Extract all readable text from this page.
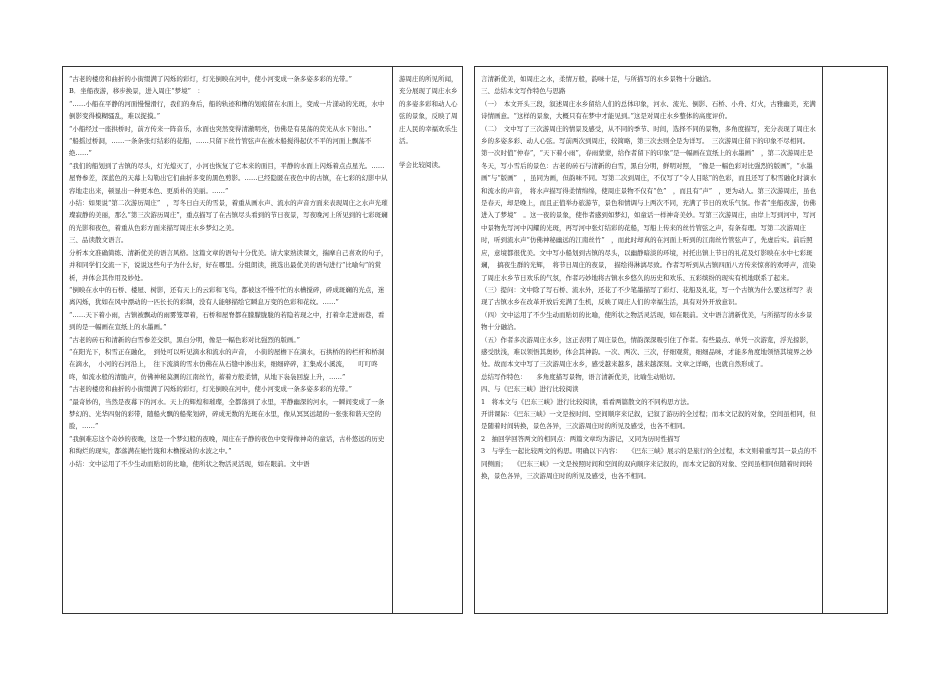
“古老的楼房和曲折的小街缀满了闪烁的彩灯，灯光倒映在河中，使小河变成一条多姿多彩的光带。”

B．坐船夜游，移步换景，进入周庄“梦境”　：

“……小船在平静的河面慢慢滑行，我们的身后，船的轨迹和橹的划痕留在水面上，变成一片漾动的光斑，水中倒影变得模糊骚乱，难以捉摸。”

“小船经过一座拱桥时，前方传来一阵音乐，水面也突然变得清澈明亮，仿佛是有晃荡的荧光从水下射出。”

“船摇过桥洞，……一条条张灯结彩的花船，……只留下丝竹管弦声在被木船搅得起伏不平的河面上飘荡不绝……”

“我们的船划到了古镇的尽头，灯光熄灭了，小河也恢复了它本来的面目，平静的水面上闪烁着点点星光。……屋脊参差，深蓝色的天幕上勾勒出它们曲折多变的黑色剪影。……已经隐匿在夜色中的古镇，在七彩的幻影中从容地走出来，顿显出一种更本色、更质朴的美丽。……”

小结：如果说“第二次游历周庄”　，写冬日白天的雪景，着重从画水声、流水的声音方面来表现周庄之水声光璀璨寂静的美丽，那么“第三次游历周庄”，重点描写了在古镇尽头看到的节日夜景，写夜晚河上所见到的七彩斑斓的光影和夜色，着重从色彩方面来描写周庄水乡梦幻之美。

三、品读散文语言。

分析本文准确简练、清新优美的语言风格。这篇文章的语句十分优美。请大家熟读课文，揣摩自己喜欢的句子，并和同学们交流一下，说说这些句子为什么好，好在哪里。分组朗读，挑选出最优美的语句进行“比喻句”的赏析，并体会其作用及妙处。

“倒映在水中的石桥、楼屋、树影，还有天上的云彩和飞鸟，都被这不慢不忙的水槽搅碎，碎成斑斓的光点，迷离闪烁，犹如在风中漂动的一匹长长的彩绸，没有人能够描绘它瞬息万变的色彩和花纹。……”

“……天下着小雨，古镇被飘动的雨雾笼罩着，石桥和屋脊都在朦朦胧胧的若隐若现之中，打着伞走进雨巷，看到的是一幅画在宣纸上的水墨画。”

“古老的砖石和清新的白雪参差交织，黑白分明，像是一幅色彩对比强烈的版画。”

“在阳光下，积雪正在融化，　到处可以听见滴水和流水的声音，　小街的屋檐下在滴水，石拱桥的的栏杆和桥洞在滴水，　小河的石河沿上，　往下流淌的雪水仿佛在从石缝中渗出来，细细碎碎，汇集成小溪流，　　叮叮咚咚，如流水般的清脆声，仿佛神秘莫测的江南丝竹，蓄着方般柔情，从地下袅袅回旋上升，……”

“古老的楼房和曲折的小街缀满了闪烁的彩灯，灯光倒映在河中，使小河变成一条多姿多彩的光带。”

“最奇妙的，当然是夜幕下的河水。天上的辉煌和璀璨，全都落到了水里，平静幽深的河水，一瞬间变成了一条梦幻的、光华四射的彩带，随船火飘的船桨划碎，碎成无数的光斑在水里，像从冥冥远超的一张张和谐天空的脸，……”

“我倒难忘这个奇妙的夜晚，这是一个梦幻般的夜晚，周庄在子静的夜色中变得像神奇的童话，古朴悠远的历史和绚烂的现实，都落满在她竹篾和木橹搅动的水波之中。”

小结：文中运用了不少生动而贴切的比喻，使所状之物活灵活现，如在眼前。文中语

游周庄的所见所闻，充分展现了周庄水乡的多姿多彩和动人心弦的景象，反映了周庄人民的幸福欢乐生活。

学会比较阅读。

言清新优美，如周庄之水，柔情万般，韵味十足，与所描写的水乡景物十分融洽。

三、总结本文写作特色与思路

（一）　本文开头三段，叙述周庄水乡留给人们的总体印象，河水、流光、倒影、石桥、小舟、灯火，古雅幽美，充满诗情画意。“这样的景象，大概只有在梦中才能见到。”这是对周庄水乡整体的高度评价。

（二）　文中写了三次游周庄的情景及感受，从不同的季节、时间，选择不同的景物，多角度描写，充分表现了周庄水乡的多姿多彩、动人心弦。写前两次到周庄，较简略，第三次去则全是为详写。　三次游周庄留下的印象不尽相同。　第一次时值“仲春”，“天下着小雨”，春雨蒙蒙，给作者留下的印象“是一幅画在宣纸上的水墨画”　，第二次游周庄是冬天，写小雪后的景色：古老的砖石与清新的白雪，黑白分明，鲜明对照，　“像是一幅色彩对比强烈的版画”，“水墨画”与“版画”　，虽同为画，但韵味不同。写第二次到周庄，不仅写了“令人目眩”的色彩，而且还写了积雪融化时滴水和流水的声音，　将水声描写得柔情绵绵，使周庄景物不仅有“色”　，而且有“声”　，更为动人。第三次游周庄，虽也是春天，却是晚上，而且正值举办旅游节，景色和情调与上两次不同，充满了节日的欢乐气氛。作者“坐船夜游，仿佛进入了梦境”　。这一夜的景象，使作者感到如梦幻，如童话一样神奇美妙。写第三次游周庄，由岸上写到河中，写河中景物先写河中闪耀的光斑，再写河中张灯结彩的花船，写船上传来的丝竹管弦之声，有条有理。写第二次游周庄时，听到流水声“仿佛神秘幽远的江南丝竹”　，而此时却真的在河面上听到的江南丝竹管弦声了，先虚后实。前后照应，意境都很优美。文中写小船划到古镇的尽头，以幽静暗淡的环境，衬托出镇上节日的礼花及灯影映在水中七彩斑斓，　搞夜生群的光辉，　将节日周庄的夜景，　描绘得淋漓尽致。作者写听到从古镇四面八方传来惊喜的欢呼声，渲染了周庄水乡节日欢乐的气氛，作者巧妙地将古镇水乡悠久的历史和欢乐、五彩缤纷的现实有机地联系了起来。

（三）提问：文中除了写石桥、流水外，还花了不少笔墨描写了彩灯、花船及礼花，写一个古镇为什么要这样写？表现了古镇水乡在改革开放后充满了生机，反映了周庄人们的幸福生活，具有对外开放意识。

（四）文中运用了不少生动而贴切的比喻，使所状之物活灵活现，如在眼前。文中语言清新优美，与所描写的水乡景物十分融洽。

（五）作者多次游周庄水乡，这正表明了周庄景色，情韵深深吸引住了作者。有些最点、单凭一次游览，浮光掠影，感受肤浅，难以领悟其奥妙，体会其神韵。一次、两次、三次，仔细观赏，细细品味，才能多角度地领悟其境界之妙处。故而本文中写了三次游周庄水乡，感受越来越多，越来越深刻。文章之详略，也就自然形成了。

总结写作特色：　　多角度描写景物，语言清新优美，比喻生动贴切。

四、与《巴东三峡》进行比较阅读

1　将本文与《巴东三峡》进行比较阅读，看看两篇散文的不同构思方法。

开讲课际：《巴东三峡》一文是按时间、空间顺序来记叙，记叙了游历的全过程；而本文记叙的对象，空间虽相同，但是随着时间转换，景色各异，三次游周庄时的所见及感受，也各不相同。

2　抽回学回答两文的相同点：两篇文章均为游记，又同为历时性描写

3　与学生一起比较两文的构思。明确以下内容：　　《巴东三峡》展示的是旅行的全过程，本文则着重写其一景点的不同侧面；　　《巴东三峡》一文是按照时间和空间的双向顺序来记叙的，而本文记叙的对象、空间虽相同但随着时间转换，景色各异，三次游周庄时的所见及感受，也各不相同。
